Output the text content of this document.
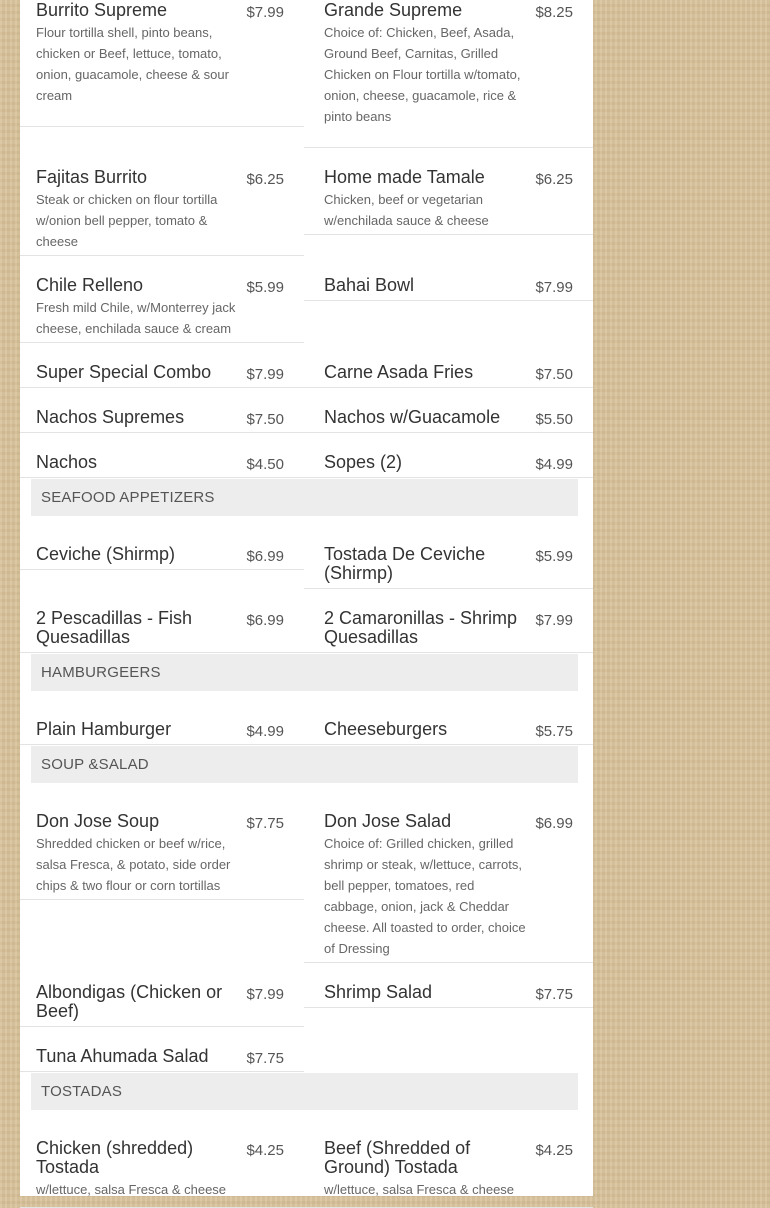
Burrito Supreme	$7.99
Flour tortilla shell, pinto beans, chicken or Beef, lettuce, tomato, onion, guacamole, cheese & sour cream
Fajitas Burrito	$6.25
Steak or chicken on flour tortilla w/onion bell pepper, tomato & cheese
Chile Relleno	$5.99
Fresh mild Chile, w/Monterrey jack cheese, enchilada sauce & cream
Super Special Combo	$7.99
Nachos Supremes	$7.50
Nachos	$4.50
Ceviche (Shirmp)	$6.99
2 Pescadillas - Fish Quesadillas
$6.99
Plain Hamburger	$4.99
Don Jose Soup	$7.75
Shredded chicken or beef w/rice, salsa Fresca, & potato, side order chips & two flour or corn tortillas
Albondigas (Chicken or Beef)
$7.99
Tuna Ahumada Salad	$7.75
Chicken (shredded) Tostada
$4.25
w/lettuce, salsa Fresca & cheese
Grande Supreme	$8.25
Choice of: Chicken, Beef, Asada, Ground Beef, Carnitas, Grilled Chicken on Flour tortilla w/tomato, onion, cheese, guacamole, rice & pinto beans
Home made Tamale	$6.25
Chicken, beef or vegetarian w/enchilada sauce & cheese
Bahai Bowl	$7.99
Carne Asada Fries	$7.50
Nachos w/Guacamole	$5.50
Sopes (2)	$4.99
Tostada De Ceviche (Shirmp)
$5.99
2 Camaronillas - Shrimp Quesadillas
$7.99
Cheeseburgers	$5.75
Don Jose Salad	$6.99
Choice of: Grilled chicken, grilled shrimp or steak, w/lettuce, carrots, bell pepper, tomatoes, red cabbage, onion, jack & Cheddar cheese. All toasted to order, choice of Dressing
Shrimp Salad	$7.75
Beef (Shredded of Ground) Tostada
$4.25
w/lettuce, salsa Fresca & cheese
SEAFOOD APPETIZERS
HAMBURGEERS
SOUP &SALAD
TOSTADAS
